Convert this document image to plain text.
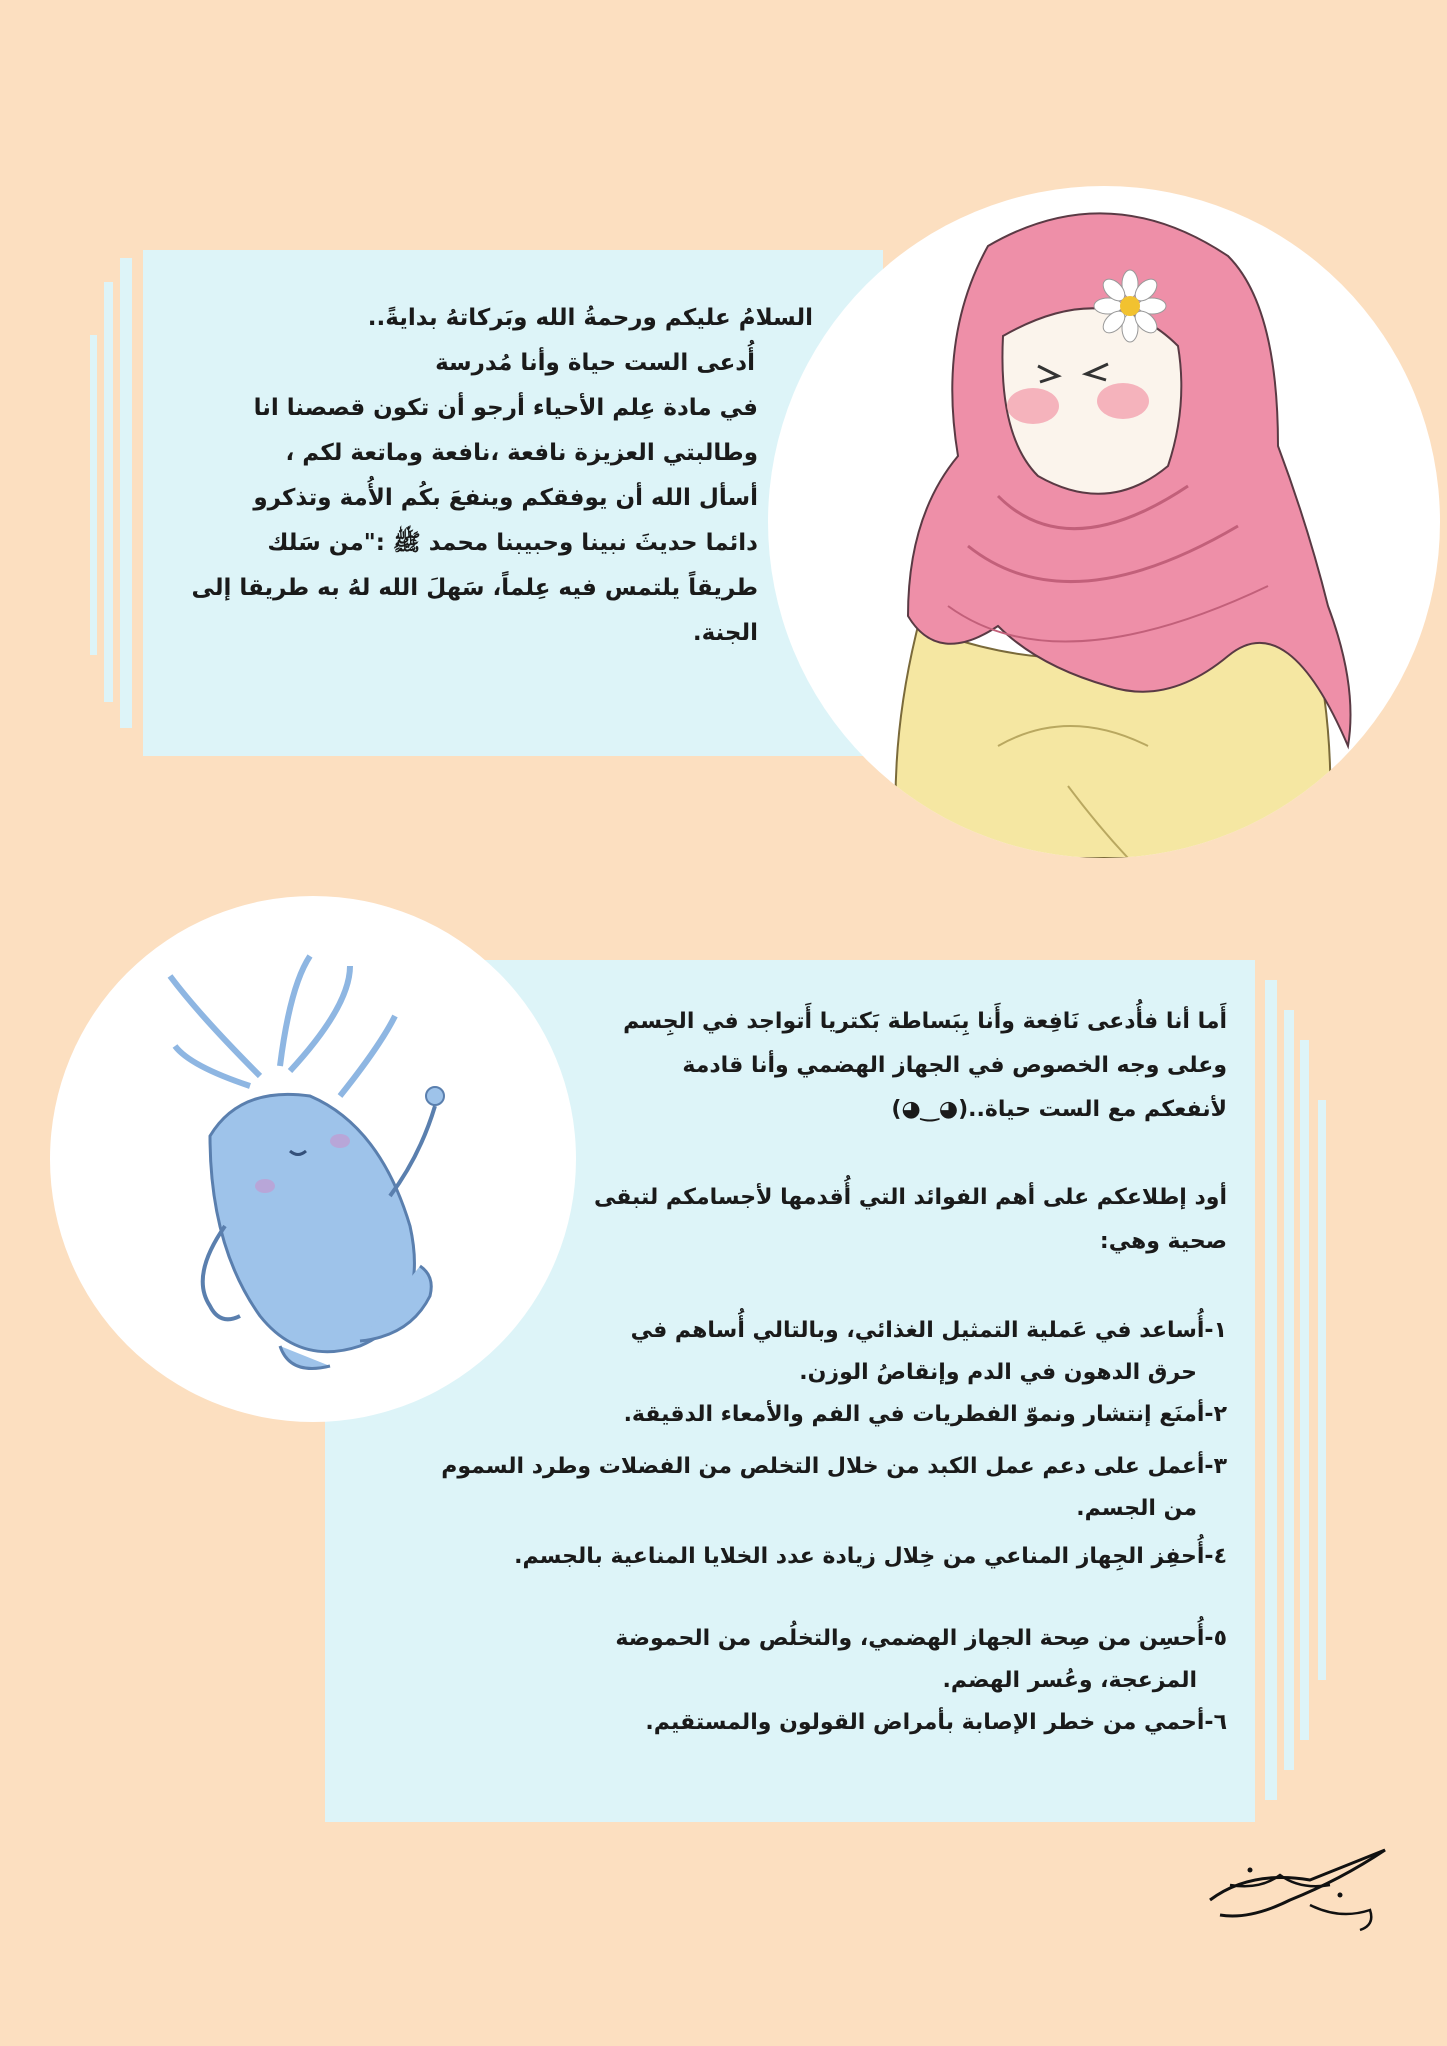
السلامُ عليكم ورحمةُ الله وبَركاتهُ بدايةً..

أُدعى الست حياة وأنا مُدرسة

في مادة عِلم الأحياء أرجو أن تكون قصصنا انا

وطالبتي العزيزة نافعة ،نافعة وماتعة لكم ،

أسأل الله أن يوفقكم وينفعَ بكُم الأُمة وتذكرو

دائما حديثَ نبينا وحبيبنا محمد ﷺ :"من سَلك

طريقاً يلتمس فيه عِلماً، سَهلَ الله لهُ به طريقا إلى

الجنة.

أَما أنا فأُدعى نَافِعة وأَنا بِبَساطة بَكتريا أَتواجد في الجِسم

وعلى وجه الخصوص في الجهاز الهضمي وأنا قادمة

لأنفعكم مع الست حياة..(◕‿◕)

أود إطلاعكم على أهم الفوائد التي أُقدمها لأجسامكم لتبقى

صحية وهي:

١-أُساعد في عَملية التمثيل الغذائي، وبالتالي أُساهم في

حرق الدهون في الدم وإنقاصُ الوزن.

٢-أمنَع إنتشار ونموّ الفطريات في الفم والأمعاء الدقيقة.

٣-أعمل على دعم عمل الكبد من خلال التخلص من الفضلات وطرد السموم

من الجسم.

٤-أُحفِز الجِهاز المناعي من خِلال زيادة عدد الخلايا المناعية بالجسم.

٥-أُحسِن من صِحة الجهاز الهضمي، والتخلُص من الحموضة

المزعجة، وعُسر الهضم.

٦-أحمي من خطر الإصابة بأمراض القولون والمستقيم.
